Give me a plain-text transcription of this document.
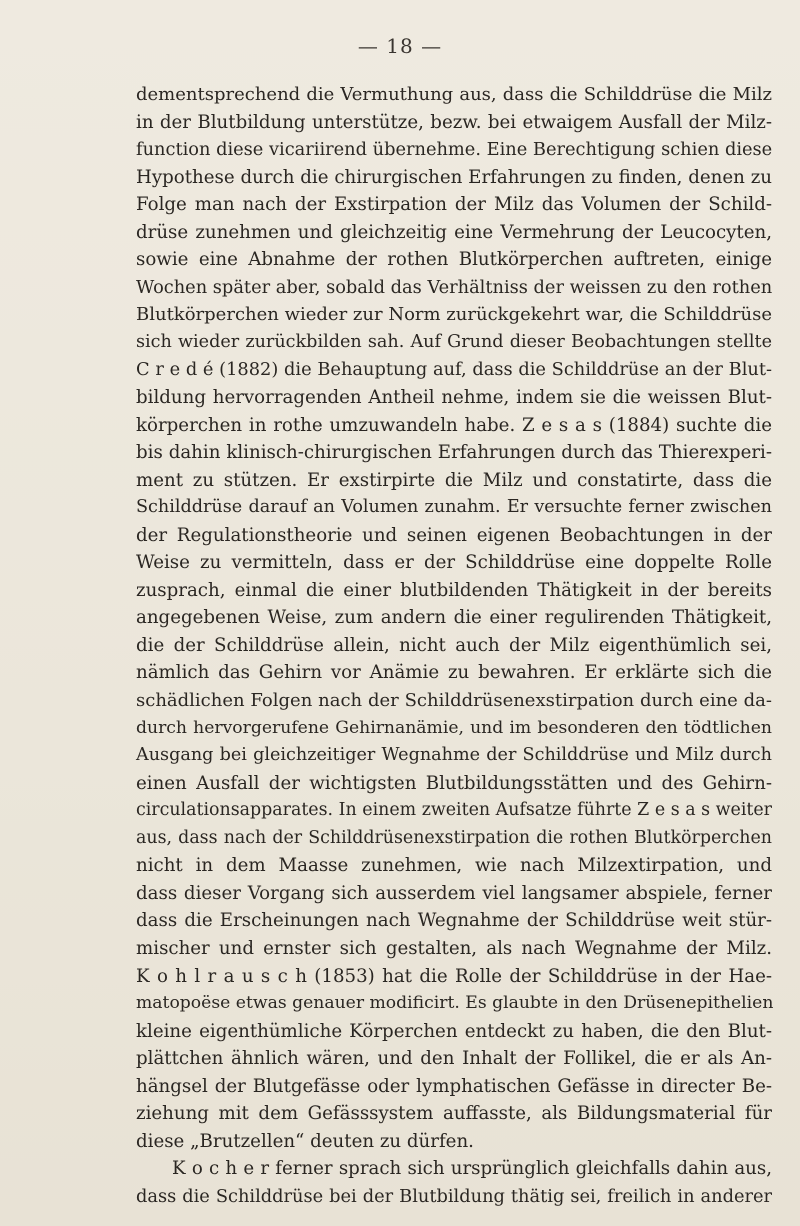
— 18 —
dementsprechend die Vermuthung aus, dass die Schilddrüse die Milz
in der Blutbildung unterstütze, bezw. bei etwaigem Ausfall der Milz-
function diese vicariirend übernehme. Eine Berechtigung schien diese
Hypothese durch die chirurgischen Erfahrungen zu finden, denen zu
Folge man nach der Exstirpation der Milz das Volumen der Schild-
drüse zunehmen und gleichzeitig eine Vermehrung der Leucocyten,
sowie eine Abnahme der rothen Blutkörperchen auftreten, einige
Wochen später aber, sobald das Verhältniss der weissen zu den rothen
Blutkörperchen wieder zur Norm zurückgekehrt war, die Schilddrüse
sich wieder zurückbilden sah. Auf Grund dieser Beobachtungen stellte
C r e d é (1882) die Behauptung auf, dass die Schilddrüse an der Blut-
bildung hervorragenden Antheil nehme, indem sie die weissen Blut-
körperchen in rothe umzuwandeln habe. Z e s a s (1884) suchte die
bis dahin klinisch-chirurgischen Erfahrungen durch das Thierexperi-
ment zu stützen. Er exstirpirte die Milz und constatirte, dass die
Schilddrüse darauf an Volumen zunahm. Er versuchte ferner zwischen
der Regulationstheorie und seinen eigenen Beobachtungen in der
Weise zu vermitteln, dass er der Schilddrüse eine doppelte Rolle
zusprach, einmal die einer blutbildenden Thätigkeit in der bereits
angegebenen Weise, zum andern die einer regulirenden Thätigkeit,
die der Schilddrüse allein, nicht auch der Milz eigenthümlich sei,
nämlich das Gehirn vor Anämie zu bewahren. Er erklärte sich die
schädlichen Folgen nach der Schilddrüsenexstirpation durch eine da-
durch hervorgerufene Gehirnanämie, und im besonderen den tödtlichen
Ausgang bei gleichzeitiger Wegnahme der Schilddrüse und Milz durch
einen Ausfall der wichtigsten Blutbildungsstätten und des Gehirn-
circulationsapparates. In einem zweiten Aufsatze führte Z e s a s weiter
aus, dass nach der Schilddrüsenexstirpation die rothen Blutkörperchen
nicht in dem Maasse zunehmen, wie nach Milzextirpation, und
dass dieser Vorgang sich ausserdem viel langsamer abspiele, ferner
dass die Erscheinungen nach Wegnahme der Schilddrüse weit stür-
mischer und ernster sich gestalten, als nach Wegnahme der Milz.
K o h l r a u s c h (1853) hat die Rolle der Schilddrüse in der Hae-
matopoëse etwas genauer modificirt. Es glaubte in den Drüsenepithelien
kleine eigenthümliche Körperchen entdeckt zu haben, die den Blut-
plättchen ähnlich wären, und den Inhalt der Follikel, die er als An-
hängsel der Blutgefässe oder lymphatischen Gefässe in directer Be-
ziehung mit dem Gefässsystem auffasste, als Bildungsmaterial für
diese „Brutzellen“ deuten zu dürfen.
K o c h e r ferner sprach sich ursprünglich gleichfalls dahin aus,
dass die Schilddrüse bei der Blutbildung thätig sei, freilich in anderer
